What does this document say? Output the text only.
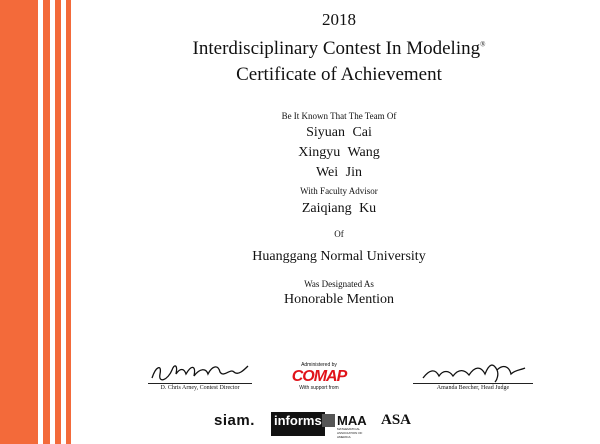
2018
Interdisciplinary Contest In Modeling®
Certificate of Achievement
Be It Known That The Team Of
Siyuan Cai
Xingyu Wang
Wei Jin
With Faculty Advisor
Zaiqiang Ku
Of
Huanggang Normal University
Was Designated As
Honorable Mention
D. Chris Arney, Contest Director
Administered by
COMAP
With support from	Amanda Beecher, Head Judge
siam. informs MAA
MATHEMATICAL ASSOCIATION OF AMERICA
ASA
